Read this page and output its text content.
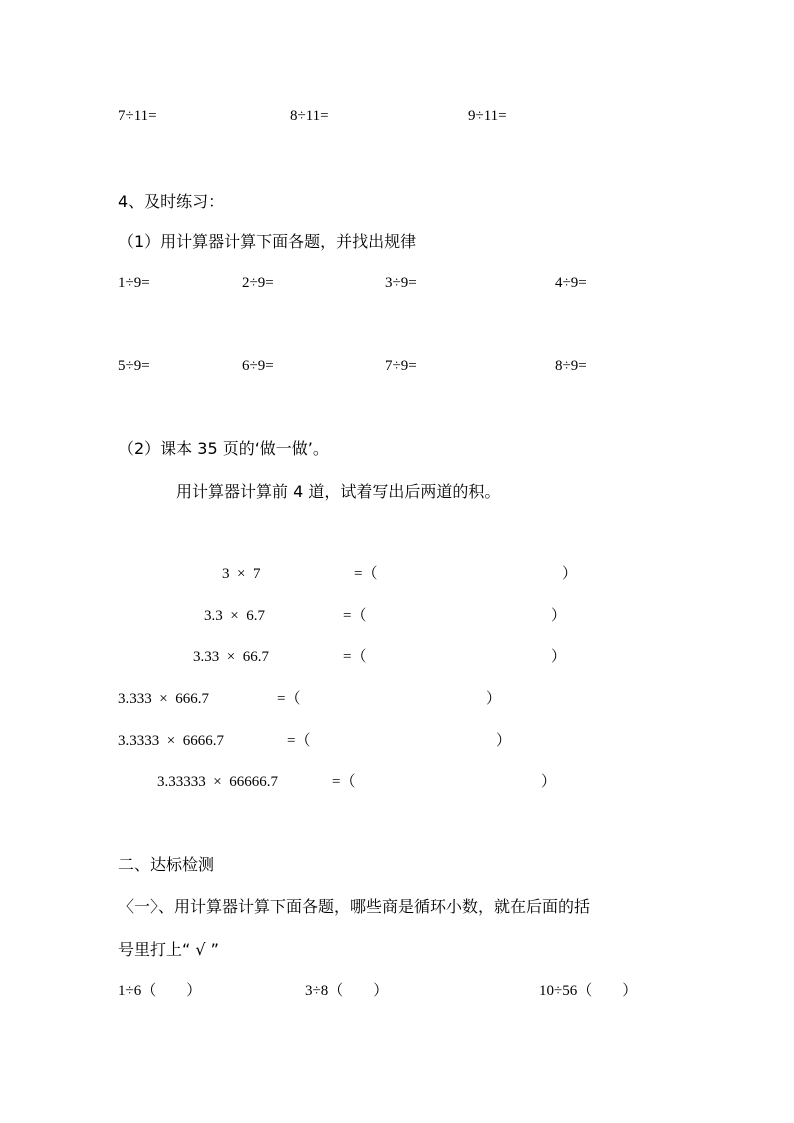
7÷11=	8÷11=	9÷11=
4、及时练习：
（1）用计算器计算下面各题，并找出规律
1÷9=	2÷9=	3÷9=	4÷9=
5÷9=	6÷9=	7÷9=	8÷9=
（2）课本 35 页的‘做一做’。
用计算器计算前 4 道，试着写出后两道的积。
3  ×  7	=（	）
3.3  ×  6.7	=（	）
3.33  ×  66.7	=（	）
3.333  ×  666.7	=（	）
3.3333  ×  6666.7	=（	）
3.33333  ×  66666.7	=（	）
二、达标检测
〈一〉、用计算器计算下面各题，哪些商是循环小数，就在后面的括
号里打上“ √ ”
1÷6（　　）	3÷8（　　）	10÷56（　　）
